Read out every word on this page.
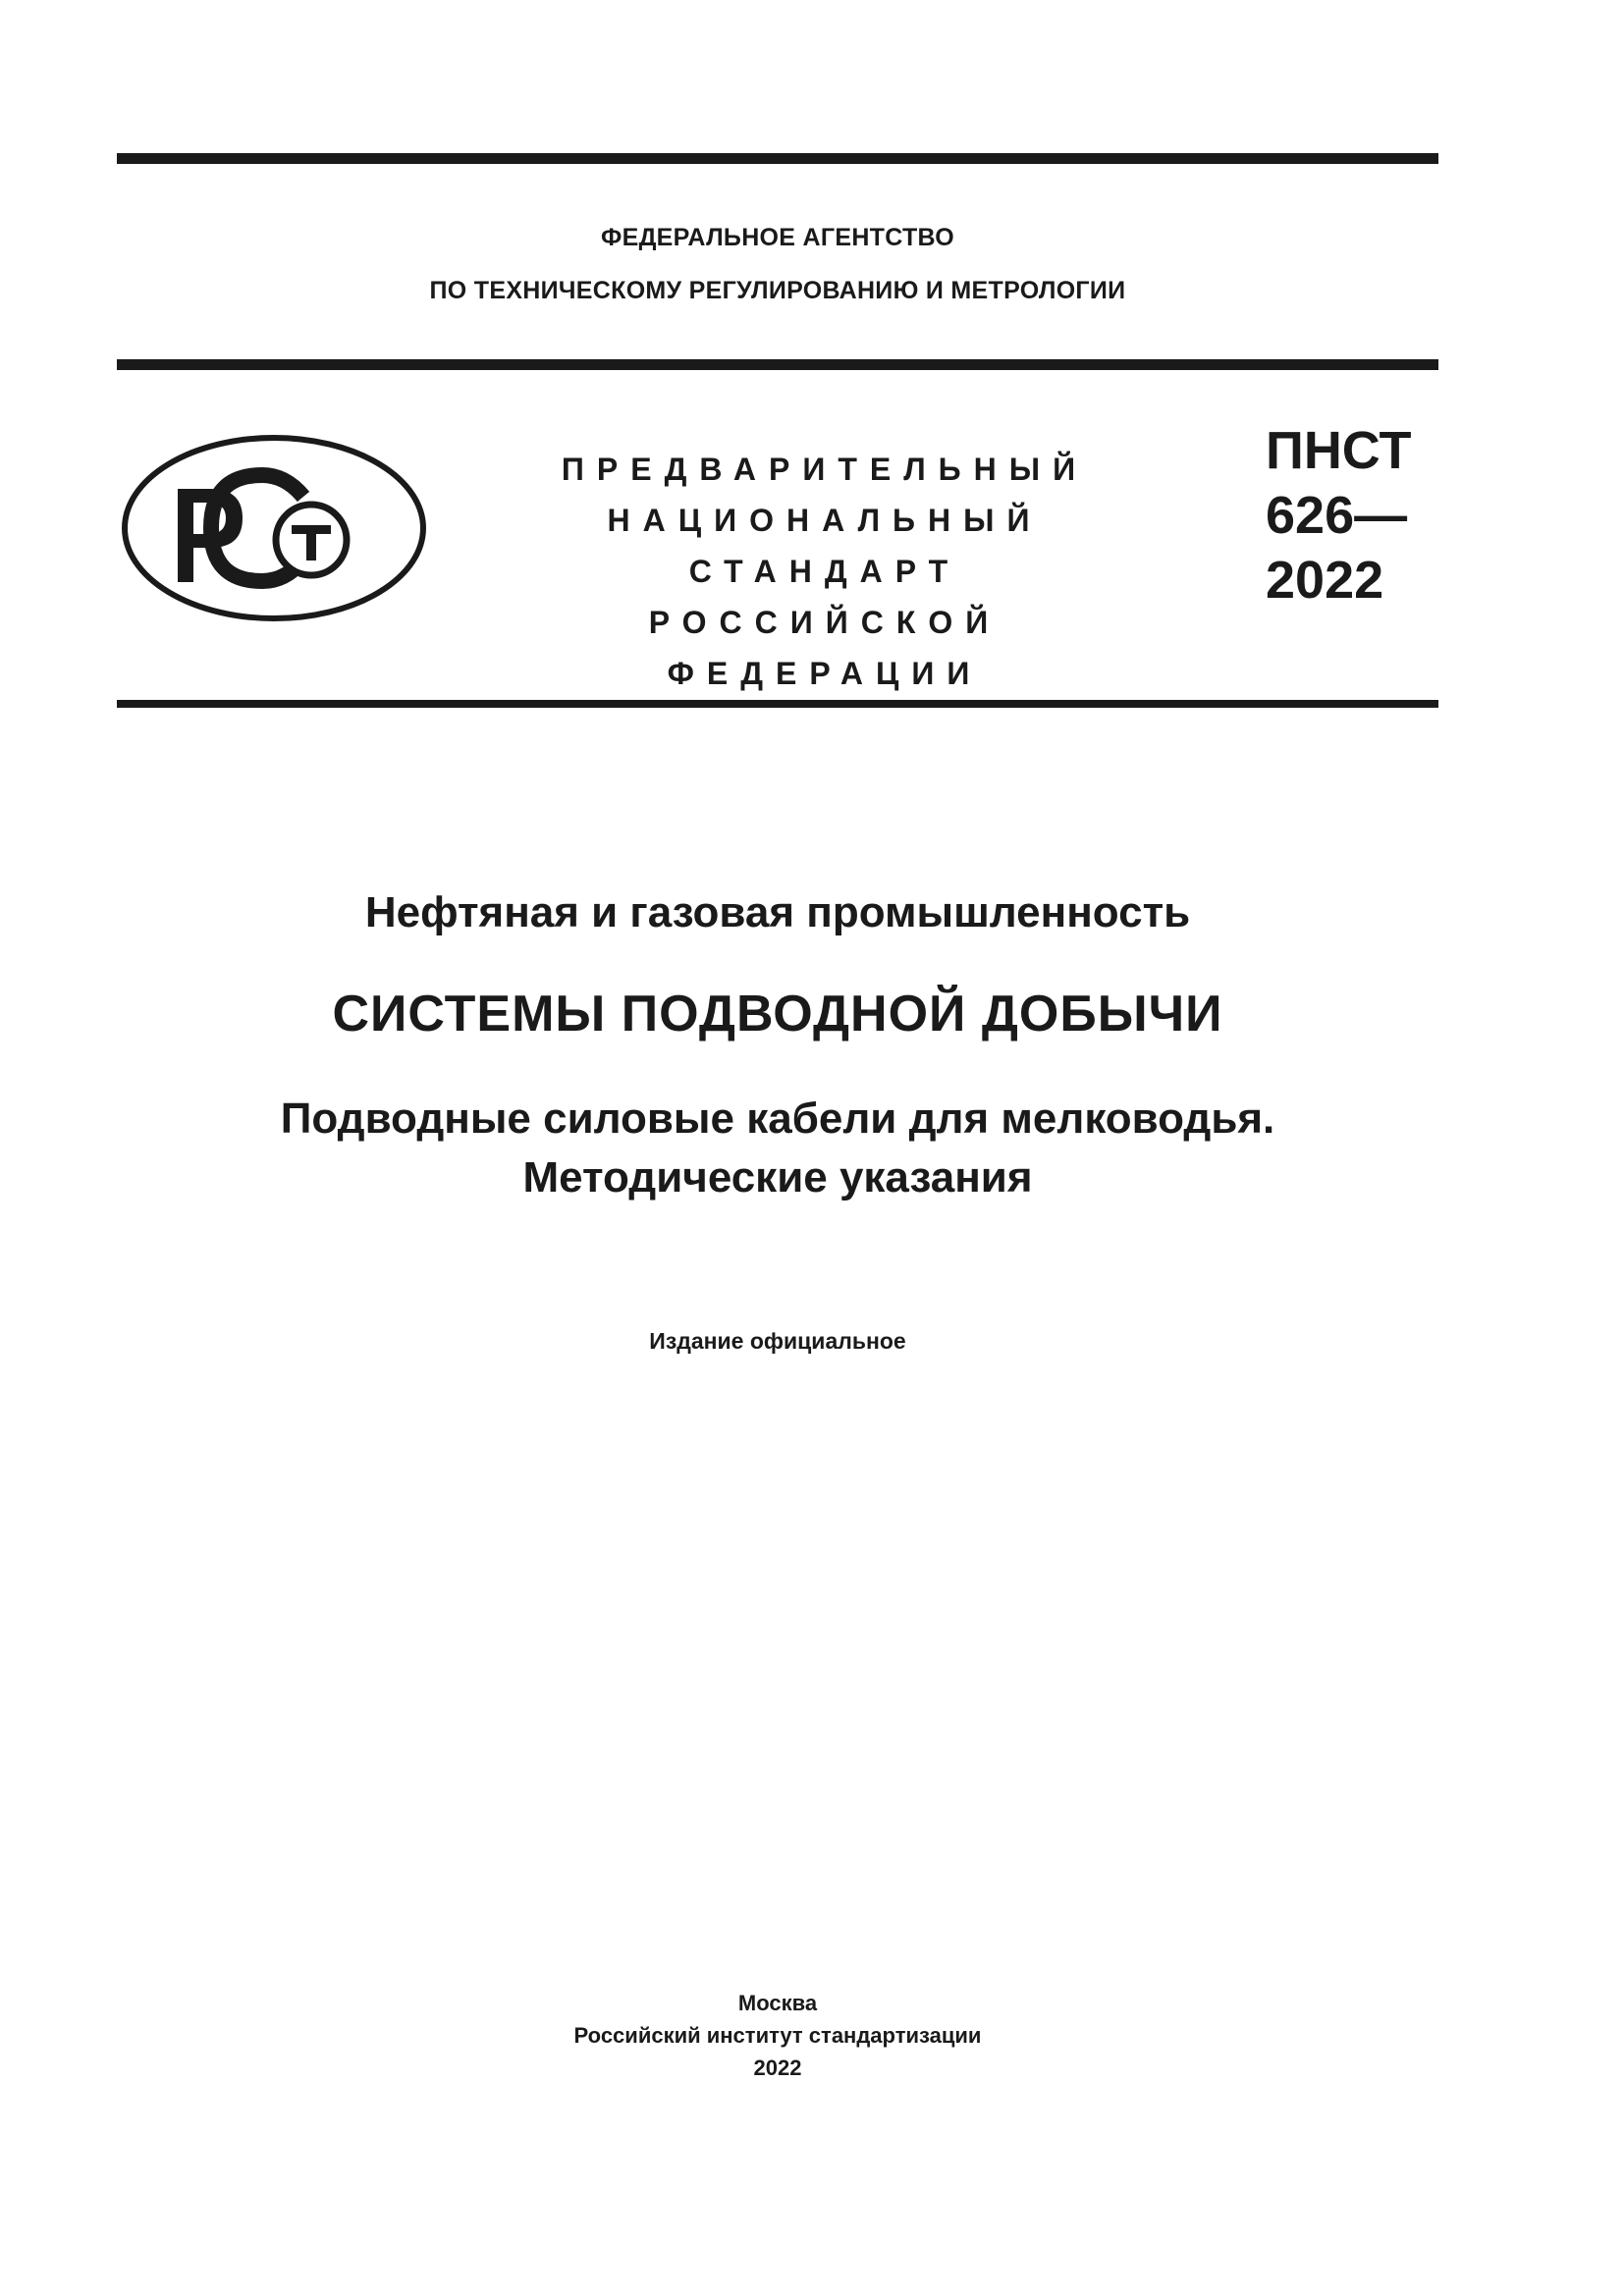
ФЕДЕРАЛЬНОЕ АГЕНТСТВО
ПО ТЕХНИЧЕСКОМУ РЕГУЛИРОВАНИЮ И МЕТРОЛОГИИ
ПРЕДВАРИТЕЛЬНЫЙ
НАЦИОНАЛЬНЫЙ
СТАНДАРТ
РОССИЙСКОЙ
ФЕДЕРАЦИИ
ПНСТ
626—
2022
Нефтяная и газовая промышленность
СИСТЕМЫ ПОДВОДНОЙ ДОБЫЧИ
Подводные силовые кабели для мелководья.
Методические указания
Издание официальное
Москва
Российский институт стандартизации
2022
